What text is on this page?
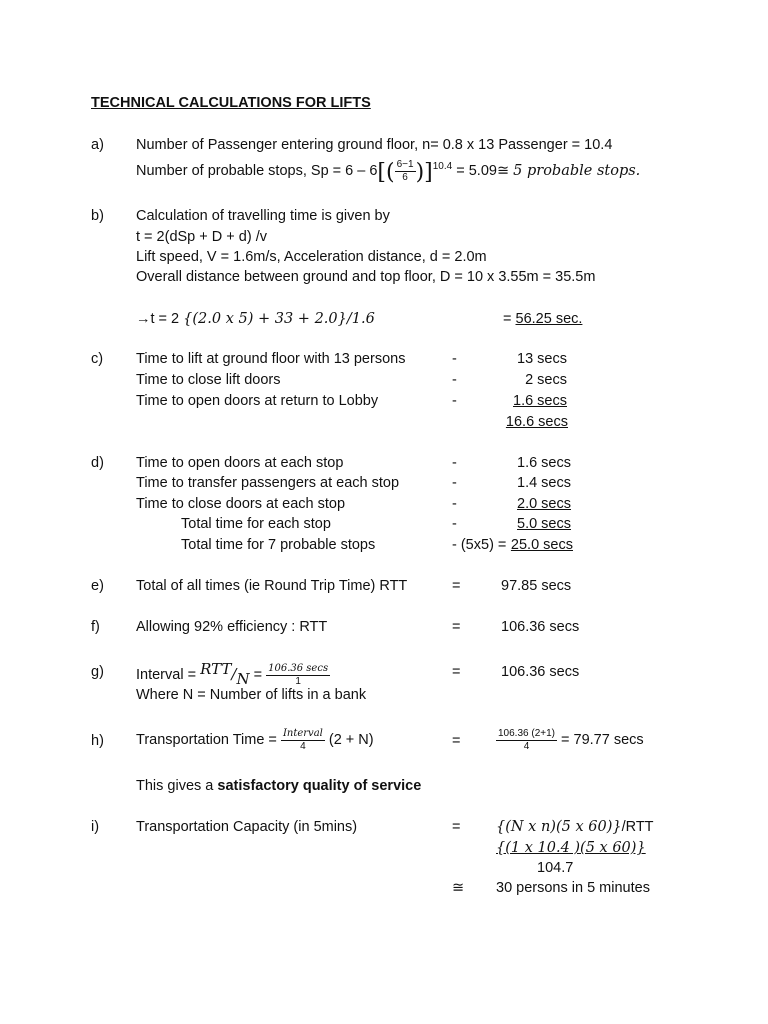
TECHNICAL CALCULATIONS FOR LIFTS
a) Number of Passenger entering ground floor, n= 0.8 x 13 Passenger = 10.4
Number of probable stops, $Sp = 6 - 6[( \frac{6-1}{6} )]^{10.4}$ = 5.09≅ 5 probable stops.
b) Calculation of travelling time is given by
t = 2(dSp + D + d) /v
Lift speed, V = 1.6m/s, Acceleration distance, d = 2.0m
Overall distance between ground and top floor, D = 10 x 3.55m = 35.5m
→t = 2 {(2.0 x 5) + 33 + 2.0}/1.6	= 56.25 sec.
c) Time to lift at ground floor with 13 persons	-	13 secs
Time to close lift doors	-	2 secs
Time to open doors at return to Lobby	-	1.6 secs
16.6 secs
d) Time to open doors at each stop	-	1.6 secs
Time to transfer passengers at each stop	-	1.4 secs
Time to close doors at each stop	-	2.0 secs
Total time for each stop	-	5.0 secs
Total time for 7 probable stops	- (5x5) = 25.0 secs
e) Total of all times (ie Round Trip Time) RTT	=	97.85 secs
f) Allowing 92% efficiency : RTT	=	106.36 secs
g) Interval = $RTT/N = \frac{106.36 \sec s}{1}$	=	106.36 secs
Where N = Number of lifts in a bank
h) Transportation Time = $\frac{\text{Interval}}{4} (2 + N)$	=	$\frac{106.36 (2+1)}{4} = 79.77$ secs
This gives a satisfactory quality of service
i)	Transportation Capacity (in 5mins)	= {(N x n)(5 x 60)}/RTT
{(1 x 10.4 )(5 x 60)}
104.7
≅ 30 persons in 5 minutes
